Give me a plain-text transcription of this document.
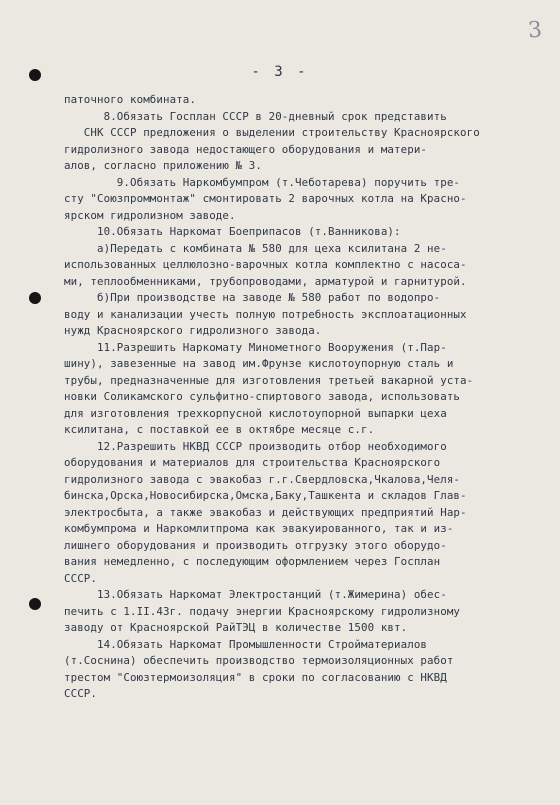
3
- 3 -
паточного комбината.
8.Обязать Госплан СССР в 20-дневный срок представить
СНК СССР предложения о выделении строительству Красноярского
гидролизного завода недостающего оборудования и матери-
алов, согласно приложению № 3.
9.Обязать Наркомбумпром (т.Чеботарева) поручить тре-
сту "Союзпроммонтаж" смонтировать 2 варочных котла на Красно-
ярском гидролизном заводе.
10.Обязать Наркомат Боеприпасов (т.Ванникова):
а)Передать с комбината № 580 для цеха ксилитана 2 не-
использованных целлюлозно-варочных котла комплектно с насоса-
ми, теплообменниками, трубопроводами, арматурой и гарнитурой.
б)При производстве на заводе № 580 работ по водопро-
воду и канализации учесть полную потребность эксплоатационных
нужд Красноярского гидролизного завода.
11.Разрешить Наркомату Минометного Вооружения (т.Пар-
шину), завезенные на завод им.Фрунзе кислотоупорную сталь и
трубы, предназначенные для изготовления третьей вакарной уста-
новки Соликамского сульфитно-спиртового завода, использовать
для изготовления трехкорпусной кислотоупорной выпарки цеха
ксилитана, с поставкой ее в октябре месяце с.г.
12.Разрешить НКВД СССР производить отбор необходимого
оборудования и материалов для строительства Красноярского
гидролизного завода с эвакобаз г.г.Свердловска,Чкалова,Челя-
бинска,Орска,Новосибирска,Омска,Баку,Ташкента и складов Глав-
электросбыта, а также эвакобаз и действующих предприятий Нар-
комбумпрома и Наркомлитпрома как эвакуированного, так и из-
лишнего оборудования и производить отгрузку этого оборудо-
вания немедленно, с последующим оформлением через Госплан
СССР.
13.Обязать Наркомат Электростанций (т.Жимерина) обес-
печить с 1.II.43г. подачу энергии Красноярскому гидролизному
заводу от Красноярской РайТЭЦ в количестве 1500 квт.
14.Обязать Наркомат Промышленности Стройматериалов
(т.Соснина) обеспечить производство термоизоляционных работ
трестом "Союзтермоизоляция" в сроки по согласованию с НКВД
СССР.
